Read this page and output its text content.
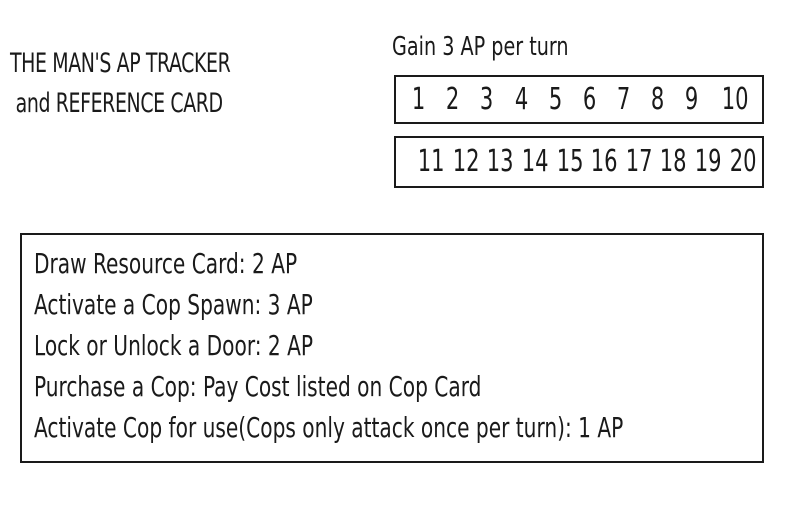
THE MAN'S AP TRACKER
and REFERENCE CARD
Gain 3 AP per turn
1 2 3 4 5 6 7 8 9 10
11 12 13 14 15 16 17 18 19 20
Draw Resource Card: 2 AP
Activate a Cop Spawn: 3 AP
Lock or Unlock a Door: 2 AP
Purchase a Cop: Pay Cost listed on Cop Card
Activate Cop for use(Cops only attack once per turn): 1 AP
